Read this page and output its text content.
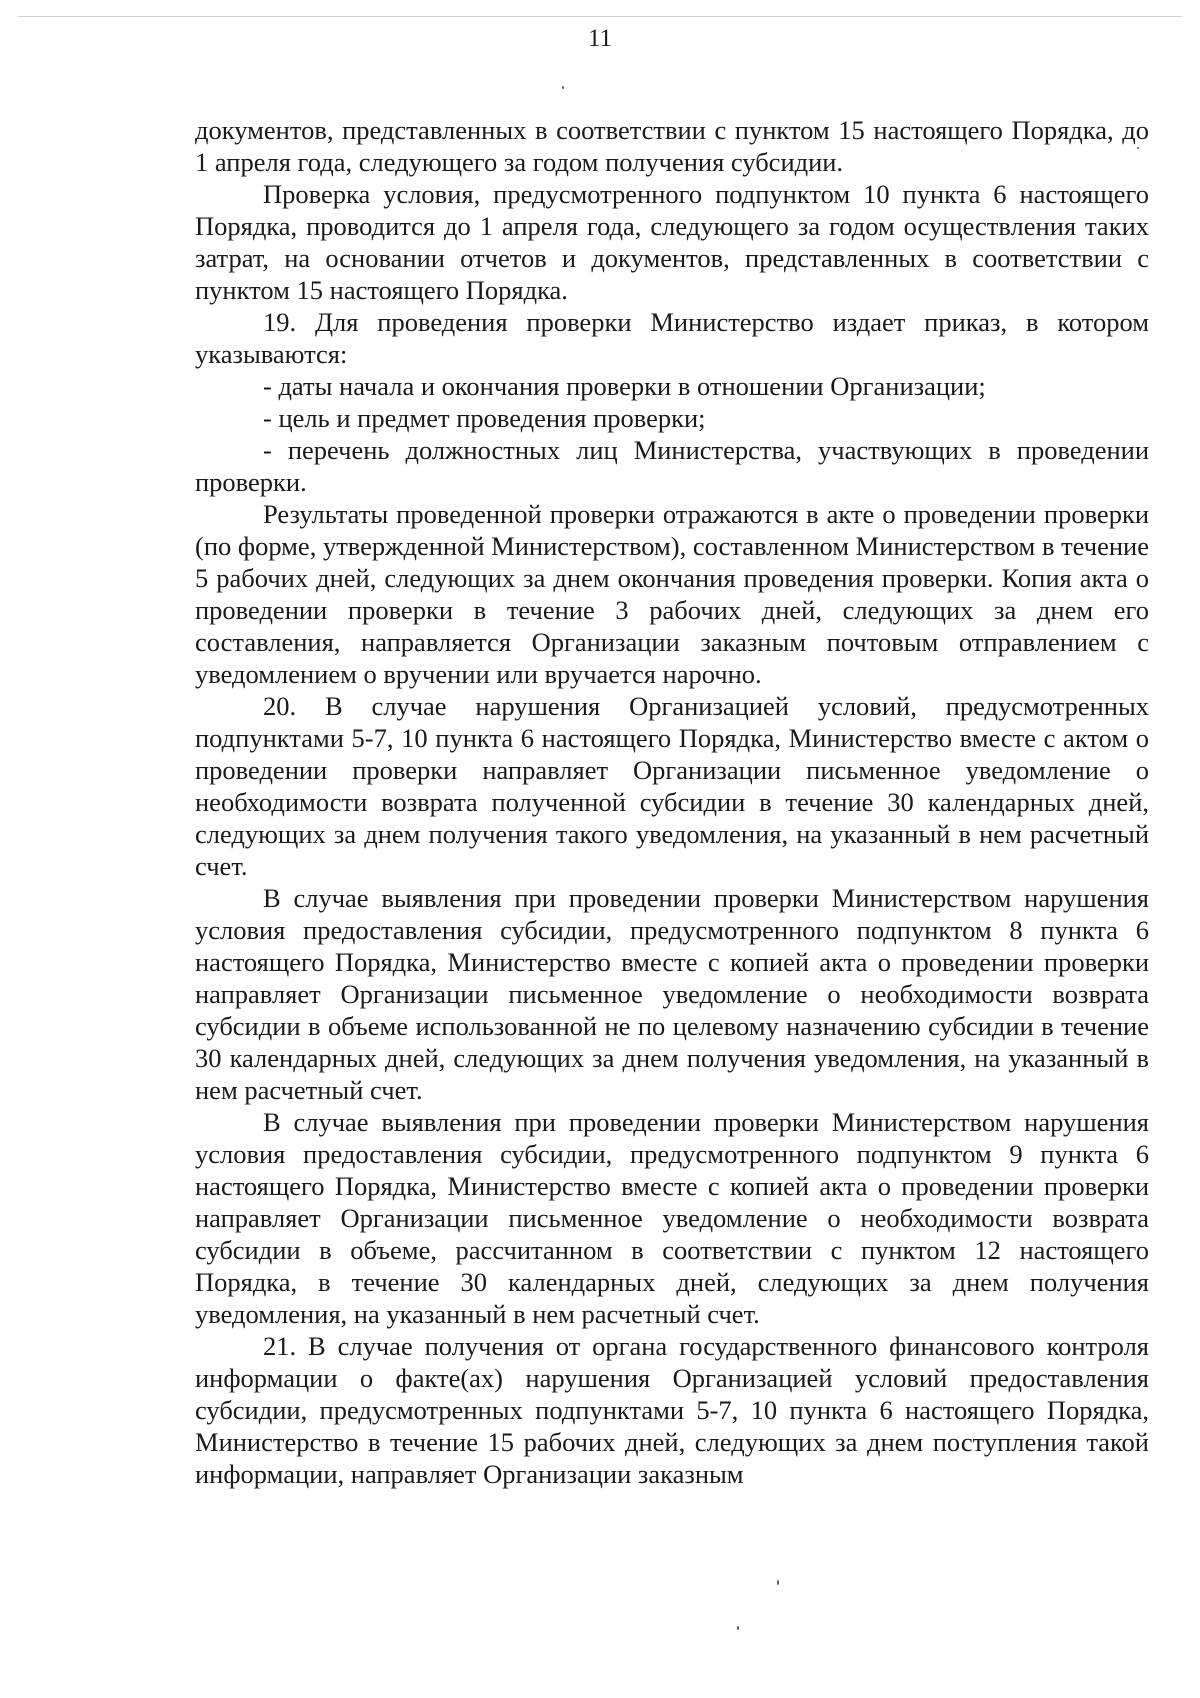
11

документов, представленных в соответствии с пунктом 15 настоящего Порядка, до 1 апреля года, следующего за годом получения субсидии.

Проверка условия, предусмотренного подпунктом 10 пункта 6 настоящего Порядка, проводится до 1 апреля года, следующего за годом осуществления таких затрат, на основании отчетов и документов, представленных в соответствии с пунктом 15 настоящего Порядка.

19. Для проведения проверки Министерство издает приказ, в котором указываются:

- даты начала и окончания проверки в отношении Организации;

- цель и предмет проведения проверки;

- перечень должностных лиц Министерства, участвующих в проведении проверки.

Результаты проведенной проверки отражаются в акте о проведении проверки (по форме, утвержденной Министерством), составленном Министерством в течение 5 рабочих дней, следующих за днем окончания проведения проверки. Копия акта о проведении проверки в течение 3 рабочих дней, следующих за днем его составления, направляется Организации заказным почтовым отправлением с уведомлением о вручении или вручается нарочно.

20. В случае нарушения Организацией условий, предусмотренных подпунктами 5-7, 10 пункта 6 настоящего Порядка, Министерство вместе с актом о проведении проверки направляет Организации письменное уведомление о необходимости возврата полученной субсидии в течение 30 календарных дней, следующих за днем получения такого уведомления, на указанный в нем расчетный счет.

В случае выявления при проведении проверки Министерством нарушения условия предоставления субсидии, предусмотренного подпунктом 8 пункта 6 настоящего Порядка, Министерство вместе с копией акта о проведении проверки направляет Организации письменное уведомление о необходимости возврата субсидии в объеме использованной не по целевому назначению субсидии в течение 30 календарных дней, следующих за днем получения уведомления, на указанный в нем расчетный счет.

В случае выявления при проведении проверки Министерством нарушения условия предоставления субсидии, предусмотренного подпунктом 9 пункта 6 настоящего Порядка, Министерство вместе с копией акта о проведении проверки направляет Организации письменное уведомление о необходимости возврата субсидии в объеме, рассчитанном в соответствии с пунктом 12 настоящего Порядка, в течение 30 календарных дней, следующих за днем получения уведомления, на указанный в нем расчетный счет.

21. В случае получения от органа государственного финансового контроля информации о факте(ах) нарушения Организацией условий предоставления субсидии, предусмотренных подпунктами 5-7, 10 пункта 6 настоящего Порядка, Министерство в течение 15 рабочих дней, следующих за днем поступления такой информации, направляет Организации заказным
